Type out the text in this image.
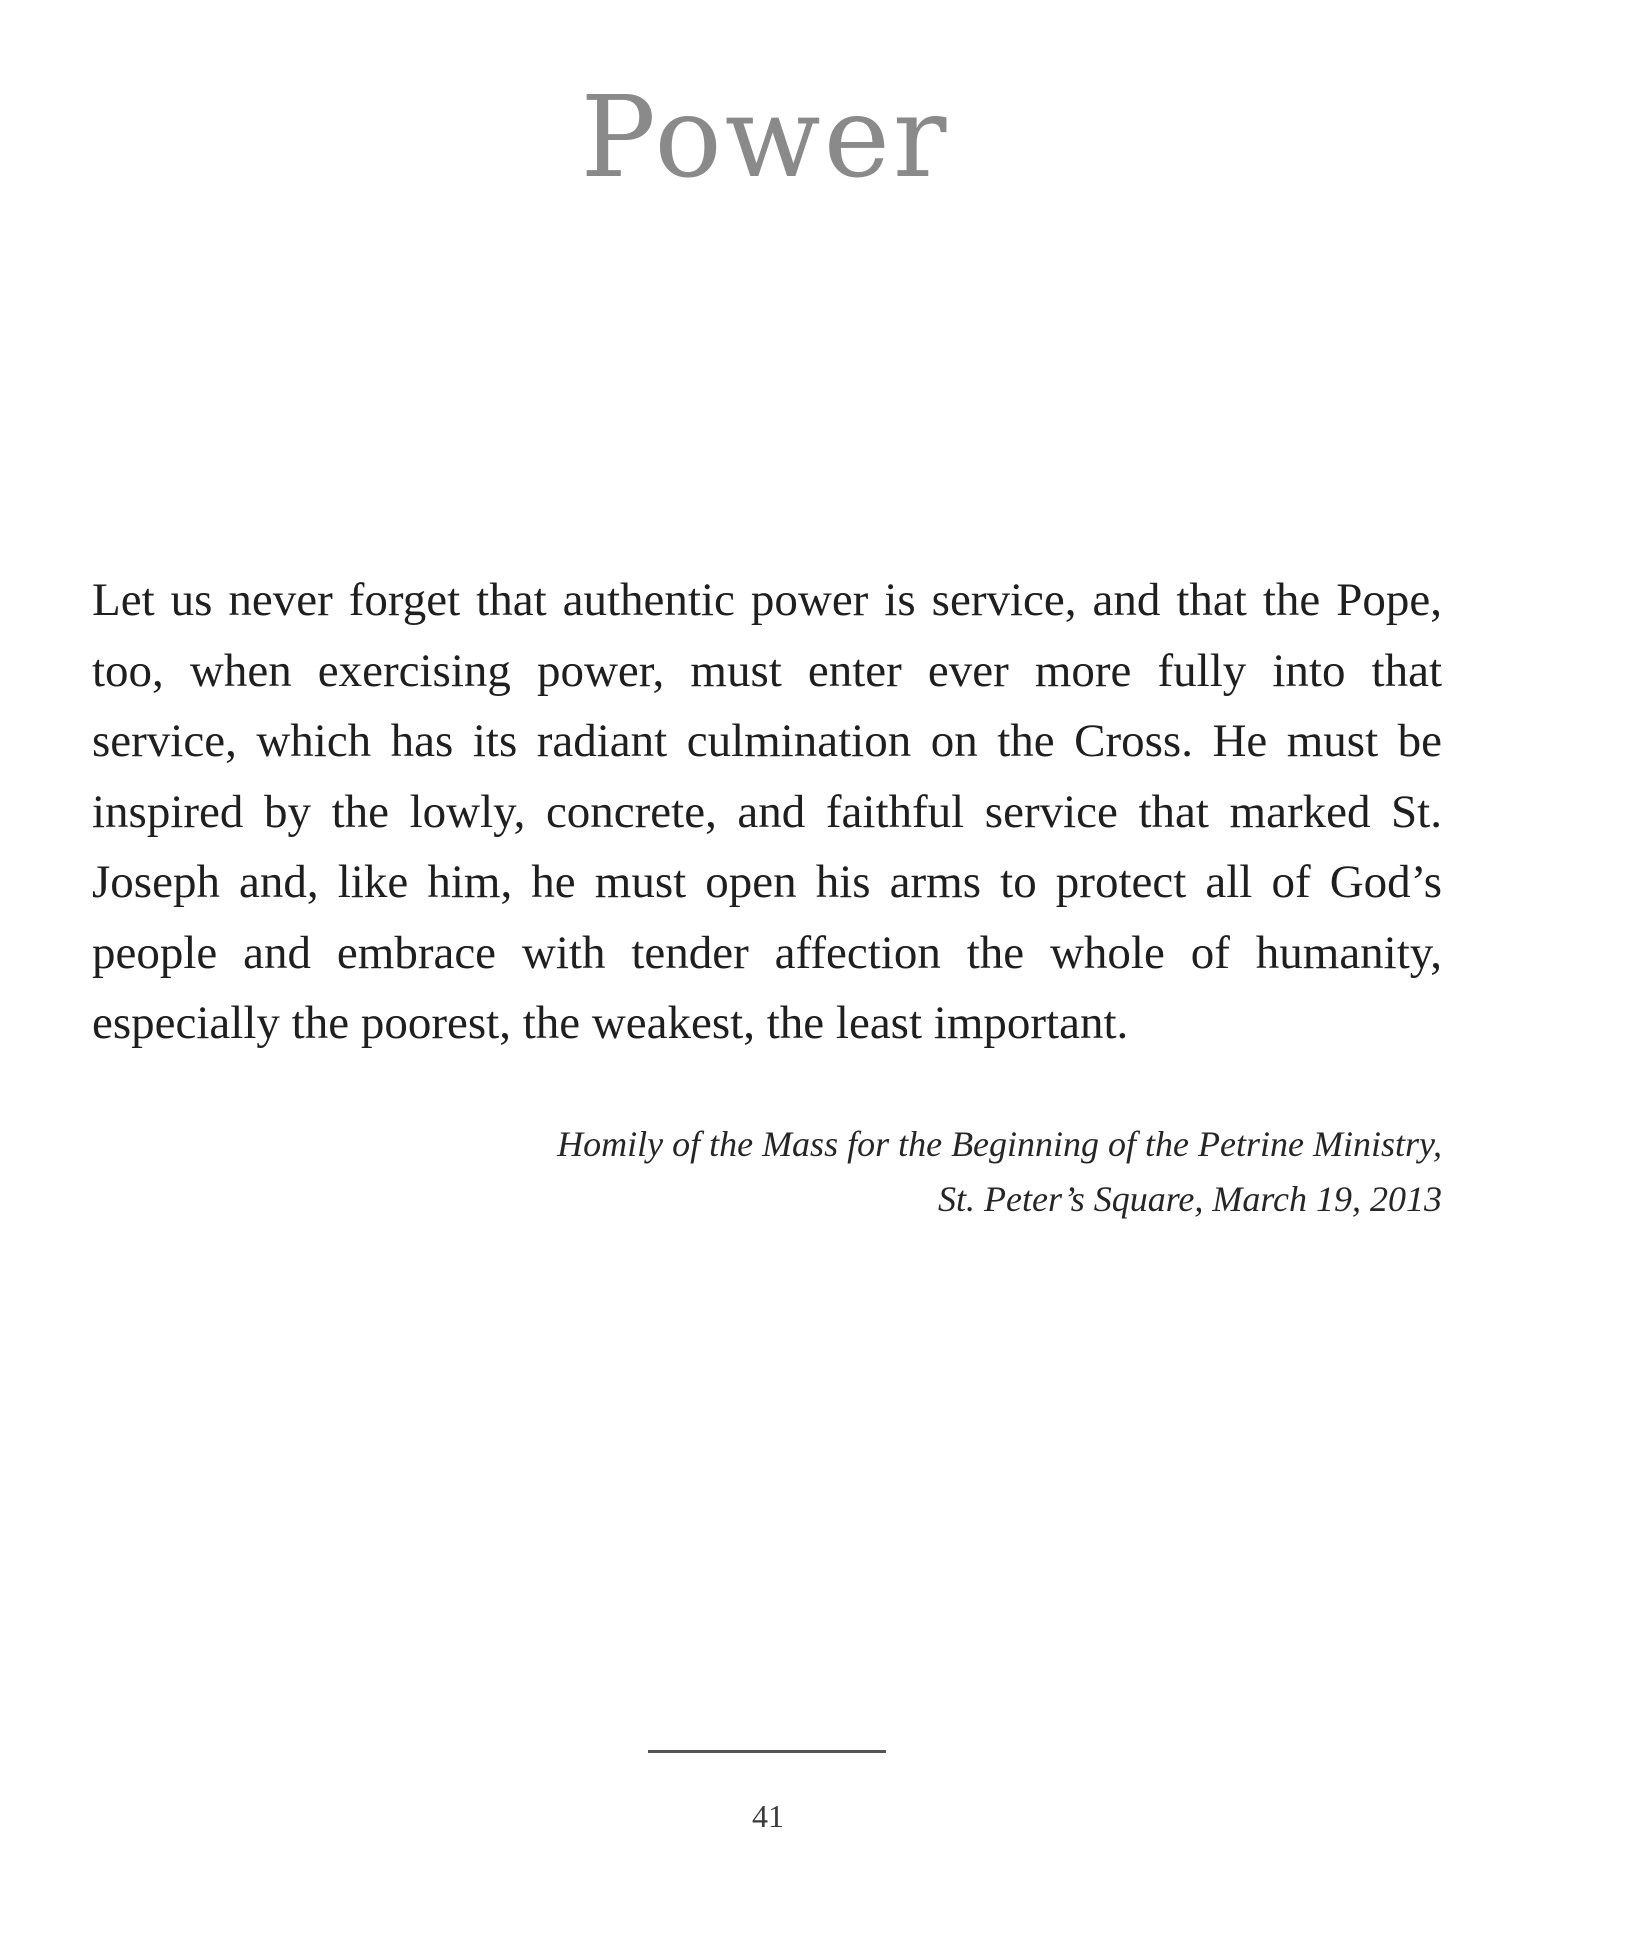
Power

Let us never forget that authentic power is service, and that the Pope, too, when exercising power, must enter ever more fully into that service, which has its radiant culmination on the Cross. He must be inspired by the lowly, concrete, and faithful service that marked St. Joseph and, like him, he must open his arms to protect all of God’s people and embrace with tender affection the whole of humanity, especially the poorest, the weakest, the least important.

Homily of the Mass for the Beginning of the Petrine Ministry,
St. Peter’s Square, March 19, 2013

41
